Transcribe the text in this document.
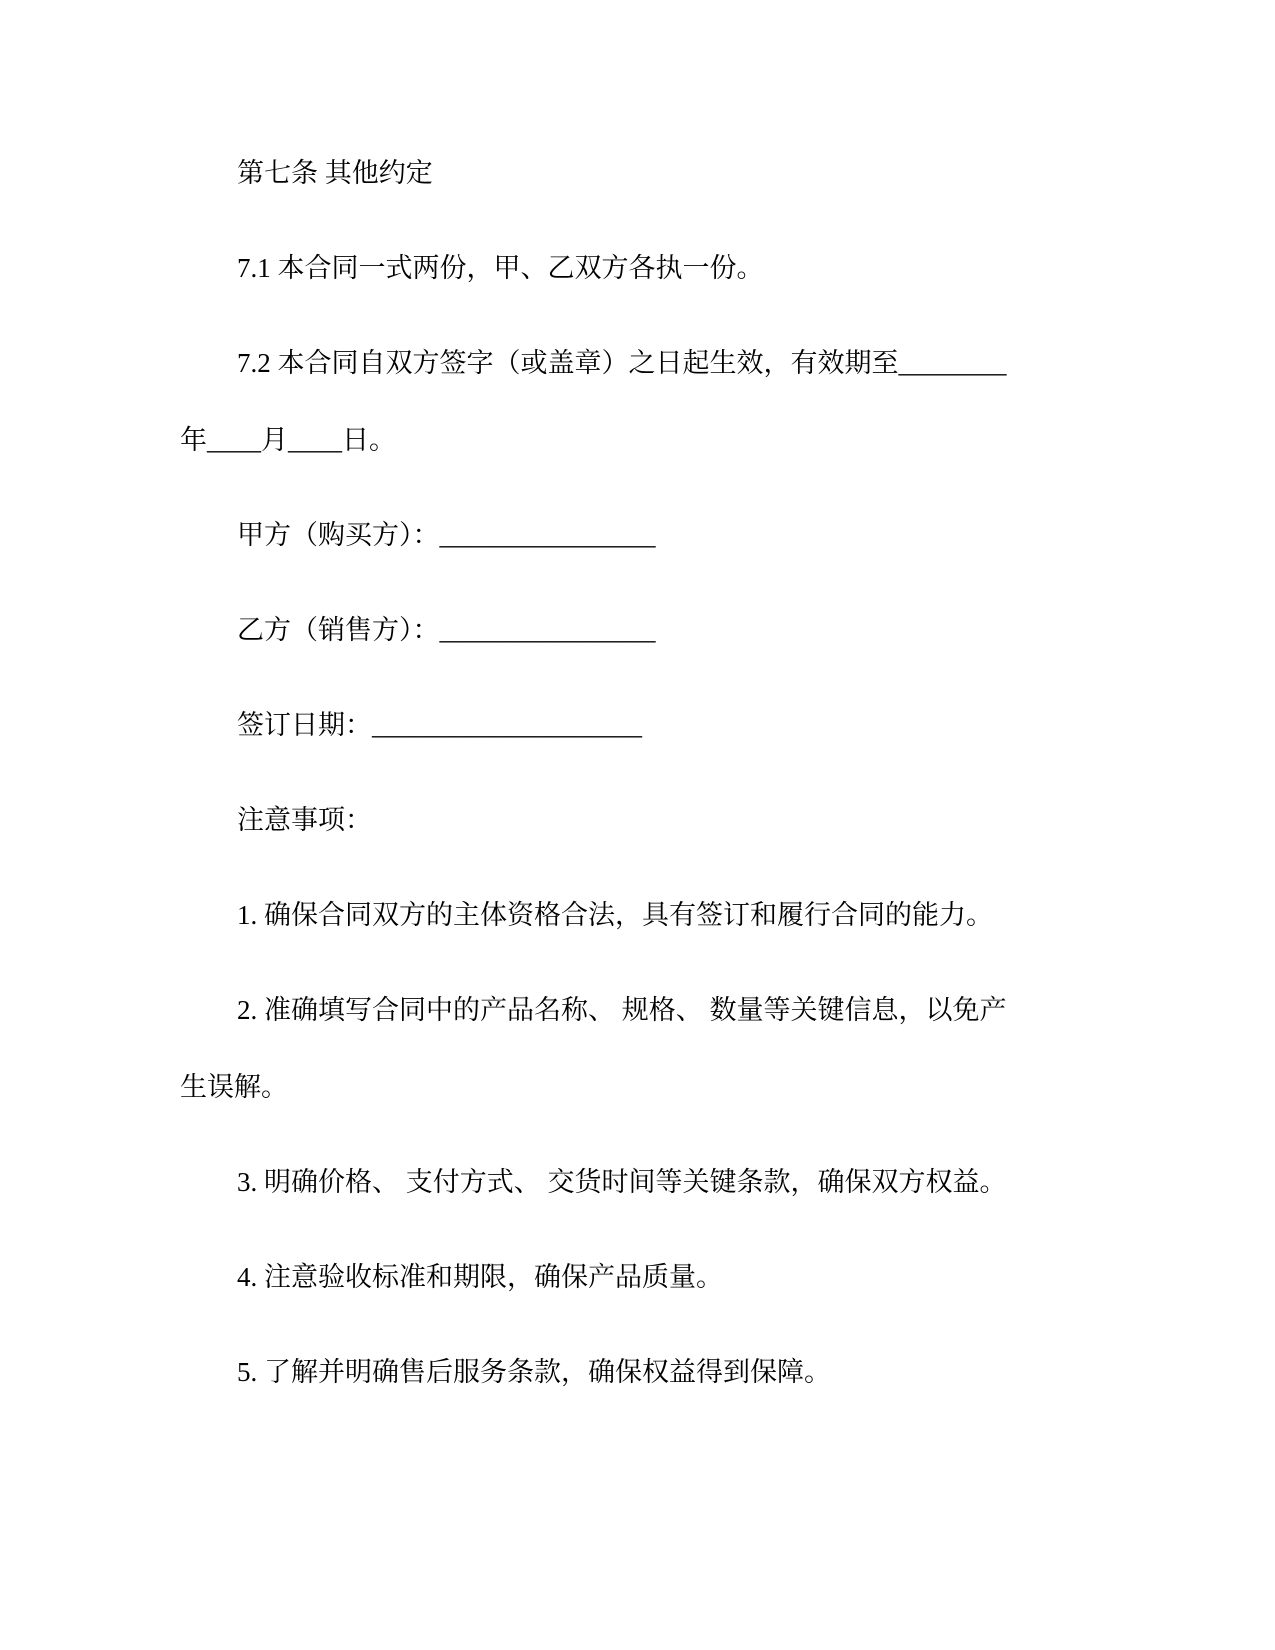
第七条 其他约定
7.1 本合同一式两份，甲、乙双方各执一份。
7.2 本合同自双方签字（或盖章）之日起生效，有效期至________
年____月____日。
甲方（购买方）：________________
乙方（销售方）：________________
签订日期：____________________
注意事项：
1. 确保合同双方的主体资格合法，具有签订和履行合同的能力。
2. 准确填写合同中的产品名称、 规格、 数量等关键信息，以免产
生误解。
3. 明确价格、 支付方式、 交货时间等关键条款，确保双方权益。
4. 注意验收标准和期限，确保产品质量。
5. 了解并明确售后服务条款，确保权益得到保障。
